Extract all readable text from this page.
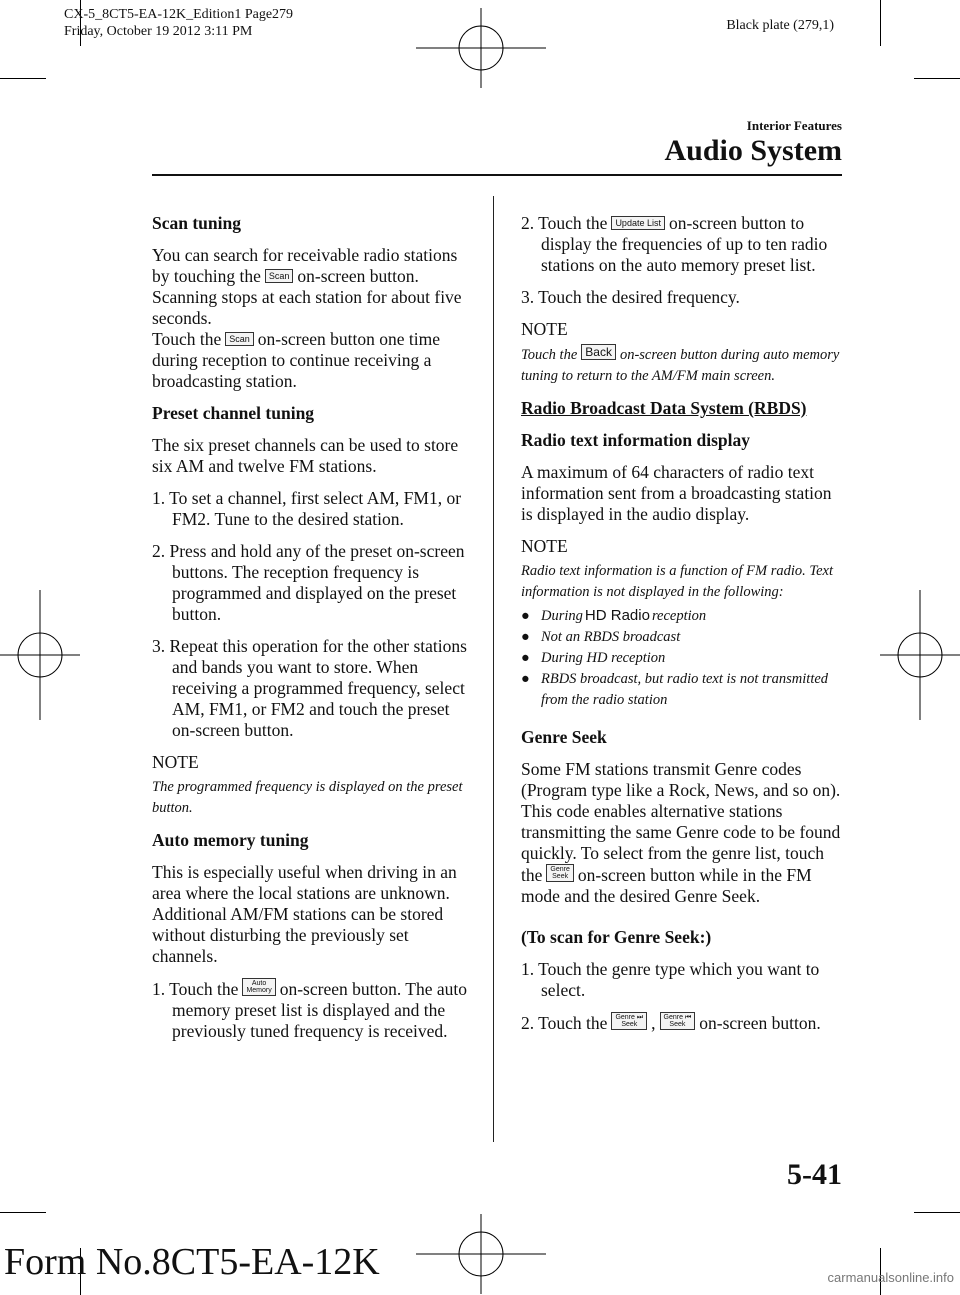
CX-5_8CT5-EA-12K_Edition1 Page279
Friday, October 19 2012 3:11 PM	Black plate (279,1)
Interior Features
Audio System
Scan tuning

You can search for receivable radio stations by touching the Scan on-screen button.
Scanning stops at each station for about five seconds.
Touch the Scan on-screen button one time during reception to continue receiving a broadcasting station.

Preset channel tuning

The six preset channels can be used to store six AM and twelve FM stations.

1. To set a channel, first select AM, FM1, or FM2. Tune to the desired station.

2. Press and hold any of the preset on-screen buttons. The reception frequency is programmed and displayed on the preset button.

3. Repeat this operation for the other stations and bands you want to store. When receiving a programmed frequency, select AM, FM1, or FM2 and touch the preset on-screen button.

NOTE

The programmed frequency is displayed on the preset button.

Auto memory tuning

This is especially useful when driving in an area where the local stations are unknown. Additional AM/FM stations can be stored without disturbing the previously set channels.

1. Touch the Auto
Memory on-screen button. The auto memory preset list is displayed and the previously tuned frequency is received.

2. Touch the Update List on-screen button to display the frequencies of up to ten radio stations on the auto memory preset list.

3. Touch the desired frequency.

NOTE

Touch the Back on-screen button during auto memory tuning to return to the AM/FM main screen.

Radio Broadcast Data System (RBDS)

Radio text information display

A maximum of 64 characters of radio text information sent from a broadcasting station is displayed in the audio display.

NOTE

Radio text information is a function of FM radio. Text information is not displayed in the following:

● During HD Radio reception
● Not an RBDS broadcast
● During HD reception
● RBDS broadcast, but radio text is not transmitted from the radio station
Genre Seek

Some FM stations transmit Genre codes (Program type like a Rock, News, and so on). This code enables alternative stations transmitting the same Genre code to be found quickly. To select from the genre list, touch the Genre
Seek on-screen button while in the FM mode and the desired Genre Seek.

(To scan for Genre Seek:)

1. Touch the genre type which you want to select.

2. Touch the Genre ⏭
Seek , Genre ⏮
Seek on-screen button.

5-41
Form No.8CT5-EA-12K	carmanualsonline.info
